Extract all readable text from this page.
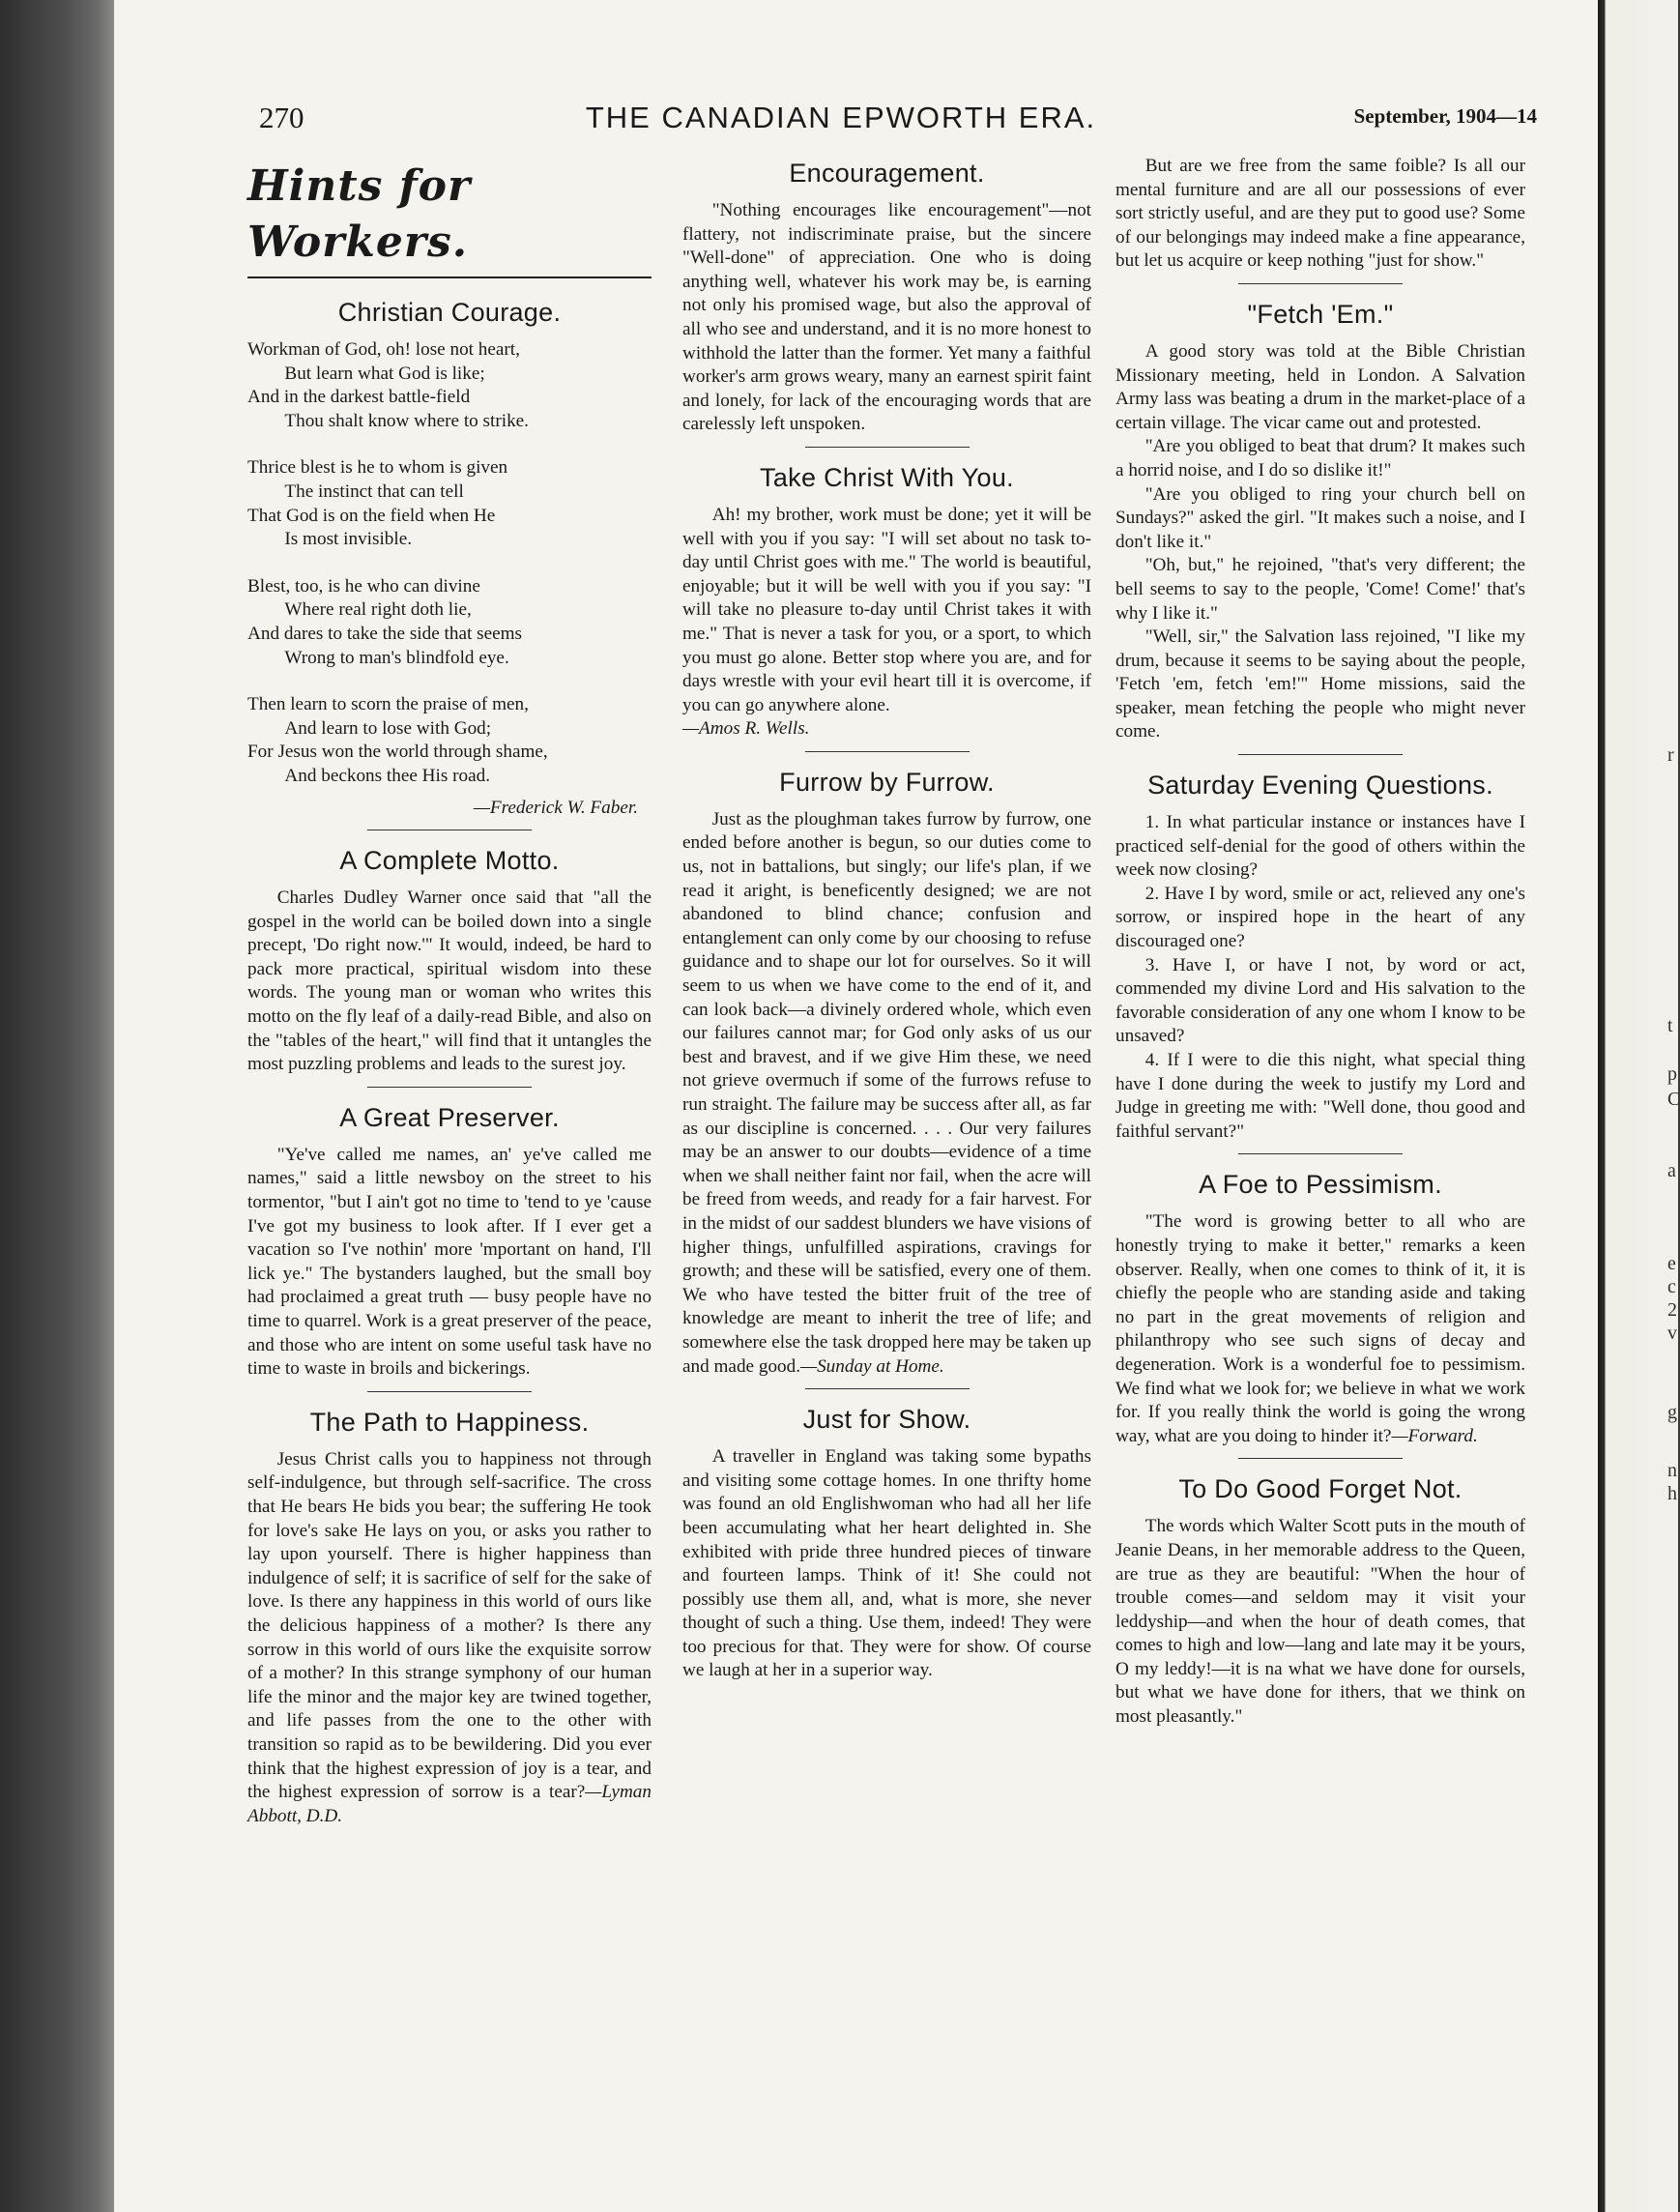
r
t
p
C
a
e
c
2
v
g
n
h
270	THE CANADIAN EPWORTH ERA.	September, 1904—14
Hints for Workers.
Christian Courage.
Workman of God, oh! lose not heart,
But learn what God is like;
And in the darkest battle-field
Thou shalt know where to strike.
Thrice blest is he to whom is given
The instinct that can tell
That God is on the field when He
Is most invisible.
Blest, too, is he who can divine
Where real right doth lie,
And dares to take the side that seems
Wrong to man's blindfold eye.
Then learn to scorn the praise of men,
And learn to lose with God;
For Jesus won the world through shame,
And beckons thee His road.
—Frederick W. Faber.
A Complete Motto.

Charles Dudley Warner once said that "all the gospel in the world can be boiled down into a single precept, 'Do right now.'" It would, indeed, be hard to pack more practical, spiritual wisdom into these words. The young man or woman who writes this motto on the fly leaf of a daily-read Bible, and also on the "tables of the heart," will find that it untangles the most puzzling problems and leads to the surest joy.

A Great Preserver.

"Ye've called me names, an' ye've called me names," said a little newsboy on the street to his tormentor, "but I ain't got no time to 'tend to ye 'cause I've got my business to look after. If I ever get a vacation so I've nothin' more 'mportant on hand, I'll lick ye." The bystanders laughed, but the small boy had proclaimed a great truth — busy people have no time to quarrel. Work is a great preserver of the peace, and those who are intent on some useful task have no time to waste in broils and bickerings.

The Path to Happiness.

Jesus Christ calls you to happiness not through self-indulgence, but through self-sacrifice. The cross that He bears He bids you bear; the suffering He took for love's sake He lays on you, or asks you rather to lay upon yourself. There is higher happiness than indulgence of self; it is sacrifice of self for the sake of love. Is there any happiness in this world of ours like the delicious happiness of a mother? Is there any sorrow in this world of ours like the exquisite sorrow of a mother? In this strange symphony of our human life the minor and the major key are twined together, and life passes from the one to the other with transition so rapid as to be bewildering. Did you ever think that the highest expression of joy is a tear, and the highest expression of sorrow is a tear?—Lyman Abbott, D.D.

Encouragement.

"Nothing encourages like encouragement"—not flattery, not indiscriminate praise, but the sincere "Well-done" of appreciation. One who is doing anything well, whatever his work may be, is earning not only his promised wage, but also the approval of all who see and understand, and it is no more honest to withhold the latter than the former. Yet many a faithful worker's arm grows weary, many an earnest spirit faint and lonely, for lack of the encouraging words that are carelessly left unspoken.

Take Christ With You.

Ah! my brother, work must be done; yet it will be well with you if you say: "I will set about no task to-day until Christ goes with me." The world is beautiful, enjoyable; but it will be well with you if you say: "I will take no pleasure to-day until Christ takes it with me." That is never a task for you, or a sport, to which you must go alone. Better stop where you are, and for days wrestle with your evil heart till it is overcome, if you can go anywhere alone.

—Amos R. Wells.
Furrow by Furrow.

Just as the ploughman takes furrow by furrow, one ended before another is begun, so our duties come to us, not in battalions, but singly; our life's plan, if we read it aright, is beneficently designed; we are not abandoned to blind chance; confusion and entanglement can only come by our choosing to refuse guidance and to shape our lot for ourselves. So it will seem to us when we have come to the end of it, and can look back—a divinely ordered whole, which even our failures cannot mar; for God only asks of us our best and bravest, and if we give Him these, we need not grieve overmuch if some of the furrows refuse to run straight. The failure may be success after all, as far as our discipline is concerned. . . . Our very failures may be an answer to our doubts—evidence of a time when we shall neither faint nor fail, when the acre will be freed from weeds, and ready for a fair harvest. For in the midst of our saddest blunders we have visions of higher things, unfulfilled aspirations, cravings for growth; and these will be satisfied, every one of them. We who have tested the bitter fruit of the tree of knowledge are meant to inherit the tree of life; and somewhere else the task dropped here may be taken up and made good.—Sunday at Home.

Just for Show.

A traveller in England was taking some bypaths and visiting some cottage homes. In one thrifty home was found an old Englishwoman who had all her life been accumulating what her heart delighted in. She exhibited with pride three hundred pieces of tinware and fourteen lamps. Think of it! She could not possibly use them all, and, what is more, she never thought of such a thing. Use them, indeed! They were too precious for that. They were for show. Of course we laugh at her in a superior way.

But are we free from the same foible? Is all our mental furniture and are all our possessions of ever sort strictly useful, and are they put to good use? Some of our belongings may indeed make a fine appearance, but let us acquire or keep nothing "just for show."

"Fetch 'Em."

A good story was told at the Bible Christian Missionary meeting, held in London. A Salvation Army lass was beating a drum in the market-place of a certain village. The vicar came out and protested.

"Are you obliged to beat that drum? It makes such a horrid noise, and I do so dislike it!"

"Are you obliged to ring your church bell on Sundays?" asked the girl. "It makes such a noise, and I don't like it."

"Oh, but," he rejoined, "that's very different; the bell seems to say to the people, 'Come! Come!' that's why I like it."

"Well, sir," the Salvation lass rejoined, "I like my drum, because it seems to be saying about the people, 'Fetch 'em, fetch 'em!'" Home missions, said the speaker, mean fetching the people who might never come.

Saturday Evening Questions.

1. In what particular instance or instances have I practiced self-denial for the good of others within the week now closing?

2. Have I by word, smile or act, relieved any one's sorrow, or inspired hope in the heart of any discouraged one?

3. Have I, or have I not, by word or act, commended my divine Lord and His salvation to the favorable consideration of any one whom I know to be unsaved?

4. If I were to die this night, what special thing have I done during the week to justify my Lord and Judge in greeting me with: "Well done, thou good and faithful servant?"

A Foe to Pessimism.

"The word is growing better to all who are honestly trying to make it better," remarks a keen observer. Really, when one comes to think of it, it is chiefly the people who are standing aside and taking no part in the great movements of religion and philanthropy who see such signs of decay and degeneration. Work is a wonderful foe to pessimism. We find what we look for; we believe in what we work for. If you really think the world is going the wrong way, what are you doing to hinder it?—Forward.

To Do Good Forget Not.

The words which Walter Scott puts in the mouth of Jeanie Deans, in her memorable address to the Queen, are true as they are beautiful: "When the hour of trouble comes—and seldom may it visit your leddyship—and when the hour of death comes, that comes to high and low—lang and late may it be yours, O my leddy!—it is na what we have done for oursels, but what we have done for ithers, that we think on most pleasantly."
